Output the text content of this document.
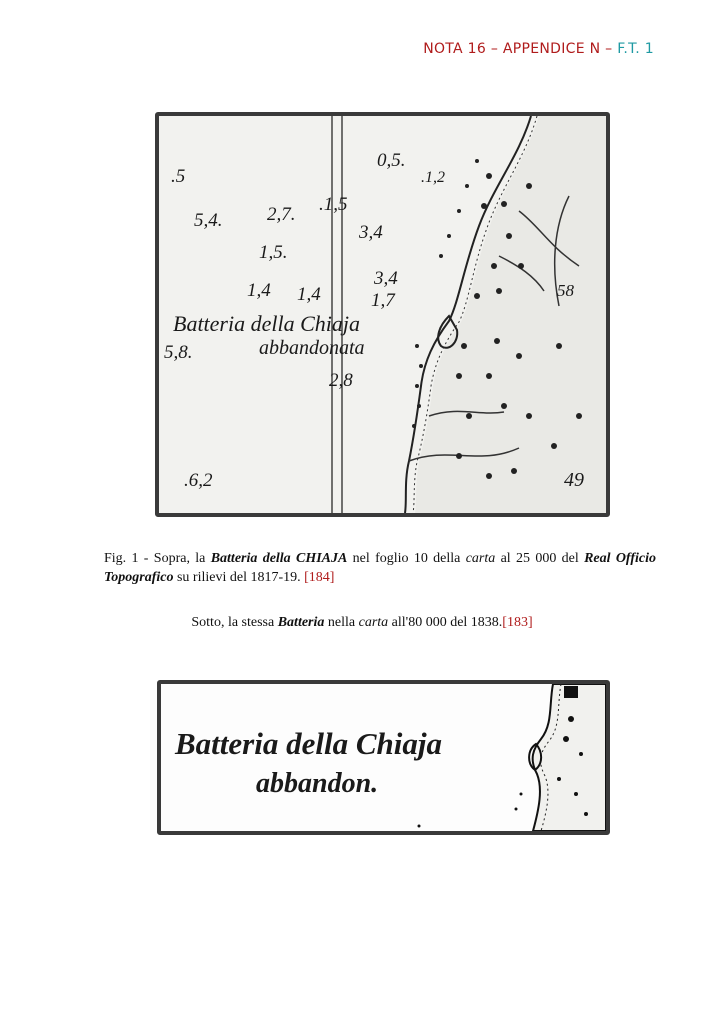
NOTA 16 – APPENDICE N – F.T. 1
.5
0,5.
.1,2
5,4. 2,7. .1,5
1,5.
3,4
3,4
1,4 1,4	1,7
5,8.
2,8
.6,2
58
49
Batteria della Chiaja
abbandonata
Fig. 1 - Sopra, la Batteria della CHIAJA nel foglio 10 della carta al 25 000 del Real Officio Topografico su rilievi del 1817-19. [184]
Sotto, la stessa Batteria nella carta all'80 000 del 1838.[183]
Batteria della Chiaja
abbandon.
